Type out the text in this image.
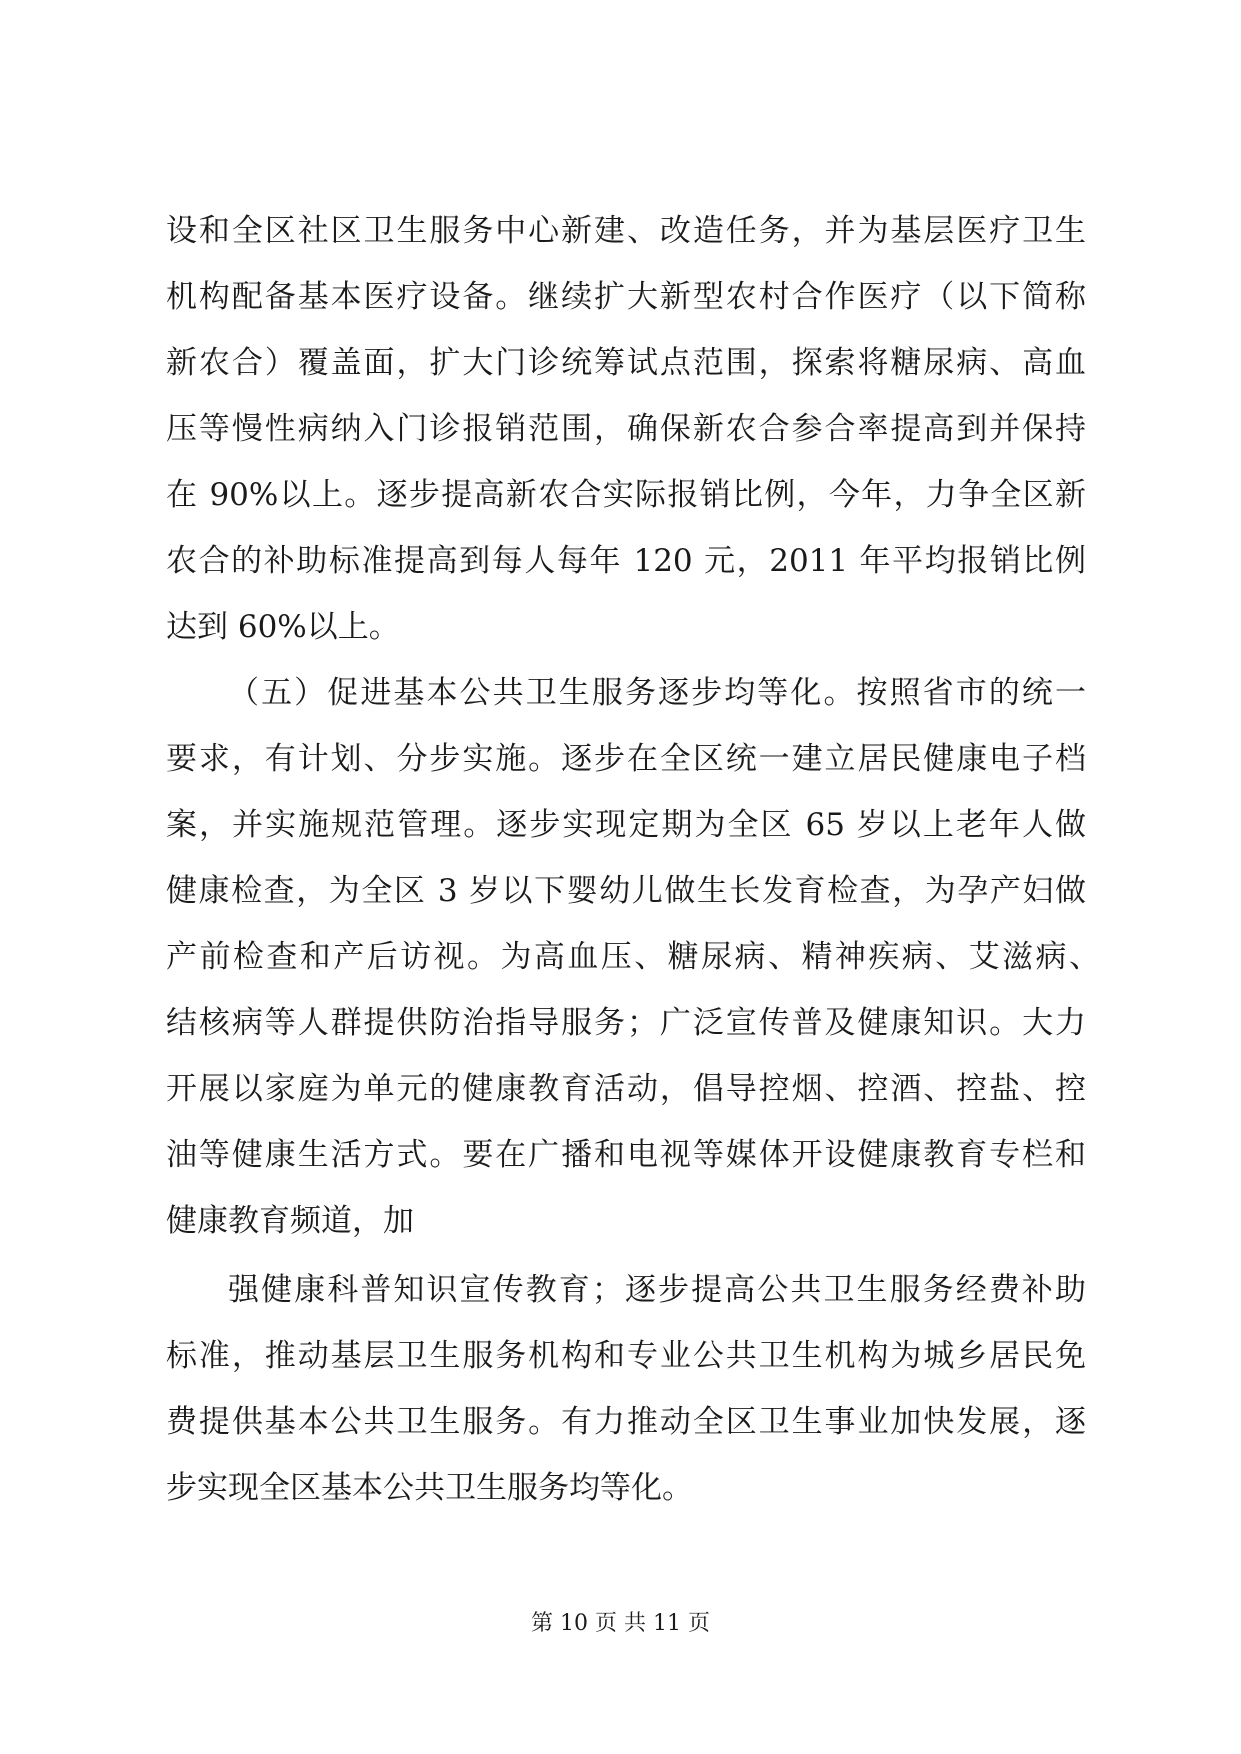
设和全区社区卫生服务中心新建、改造任务，并为基层医疗卫生
机构配备基本医疗设备。继续扩大新型农村合作医疗（以下简称
新农合）覆盖面，扩大门诊统筹试点范围，探索将糖尿病、高血
压等慢性病纳入门诊报销范围，确保新农合参合率提高到并保持
在 90%以上。逐步提高新农合实际报销比例，今年，力争全区新
农合的补助标准提高到每人每年 120 元，2011 年平均报销比例
达到 60%以上。
（五）促进基本公共卫生服务逐步均等化。按照省市的统一
要求，有计划、分步实施。逐步在全区统一建立居民健康电子档
案，并实施规范管理。逐步实现定期为全区 65 岁以上老年人做
健康检查，为全区 3 岁以下婴幼儿做生长发育检查，为孕产妇做
产前检查和产后访视。为高血压、糖尿病、精神疾病、艾滋病、
结核病等人群提供防治指导服务；广泛宣传普及健康知识。大力
开展以家庭为单元的健康教育活动，倡导控烟、控酒、控盐、控
油等健康生活方式。要在广播和电视等媒体开设健康教育专栏和
健康教育频道，加
强健康科普知识宣传教育；逐步提高公共卫生服务经费补助
标准，推动基层卫生服务机构和专业公共卫生机构为城乡居民免
费提供基本公共卫生服务。有力推动全区卫生事业加快发展，逐
步实现全区基本公共卫生服务均等化。
第 10 页 共 11 页
